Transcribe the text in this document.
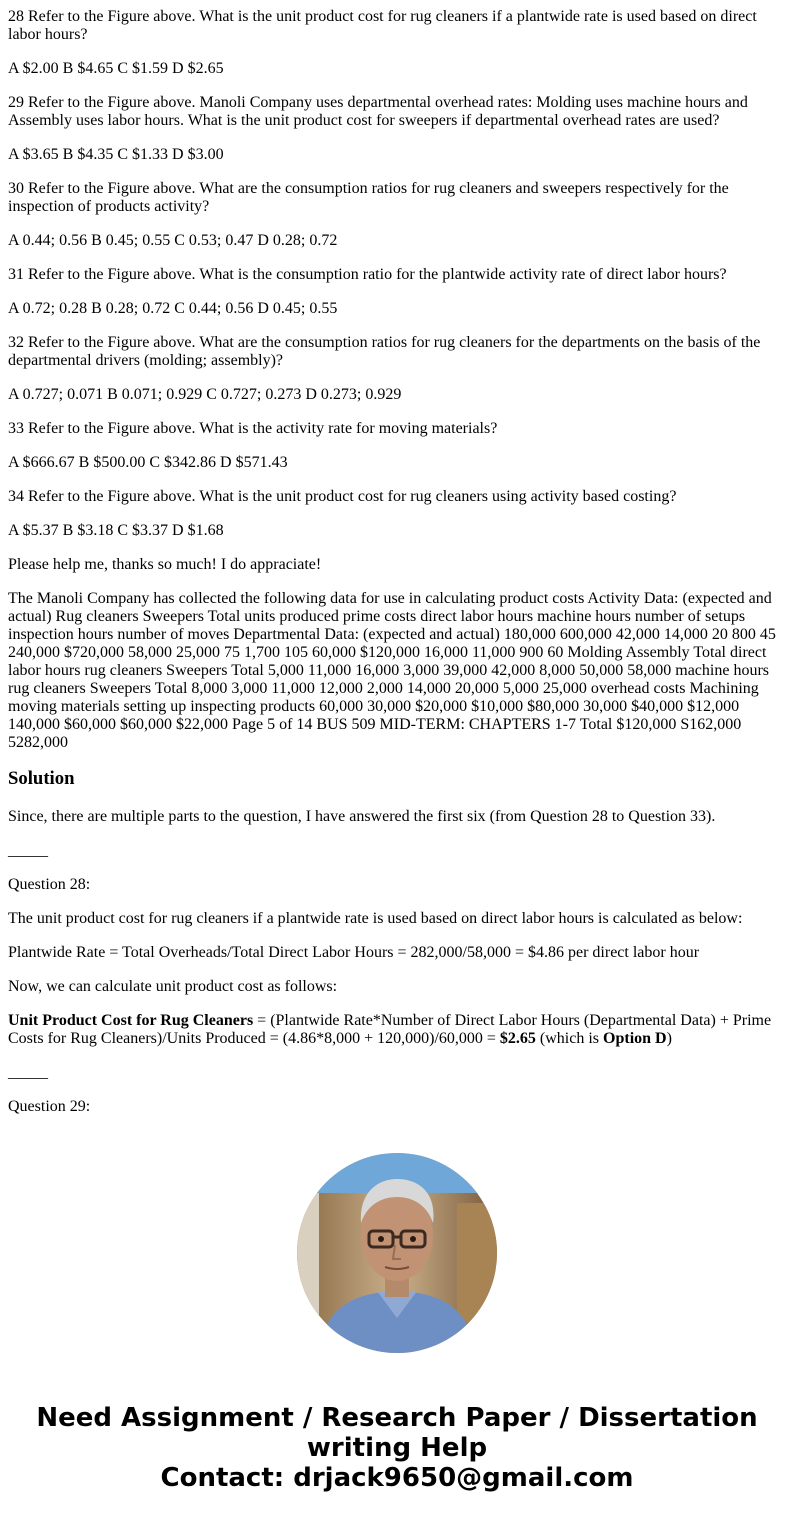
28 Refer to the Figure above. What is the unit product cost for rug cleaners if a plantwide rate is used based on direct labor hours?

A $2.00 B $4.65 C $1.59 D $2.65

29 Refer to the Figure above. Manoli Company uses departmental overhead rates: Molding uses machine hours and Assembly uses labor hours. What is the unit product cost for sweepers if departmental overhead rates are used?

A $3.65 B $4.35 C $1.33 D $3.00

30 Refer to the Figure above. What are the consumption ratios for rug cleaners and sweepers respectively for the inspection of products activity?

A 0.44; 0.56 B 0.45; 0.55 C 0.53; 0.47 D 0.28; 0.72

31 Refer to the Figure above. What is the consumption ratio for the plantwide activity rate of direct labor hours?

A 0.72; 0.28 B 0.28; 0.72 C 0.44; 0.56 D 0.45; 0.55

32 Refer to the Figure above. What are the consumption ratios for rug cleaners for the departments on the basis of the departmental drivers (molding; assembly)?

A 0.727; 0.071 B 0.071; 0.929 C 0.727; 0.273 D 0.273; 0.929

33 Refer to the Figure above. What is the activity rate for moving materials?

A $666.67 B $500.00 C $342.86 D $571.43

34 Refer to the Figure above. What is the unit product cost for rug cleaners using activity based costing?

A $5.37 B $3.18 C $3.37 D $1.68

Please help me, thanks so much! I do appraciate!

The Manoli Company has collected the following data for use in calculating product costs Activity Data: (expected and actual) Rug cleaners Sweepers Total units produced prime costs direct labor hours machine hours number of setups inspection hours number of moves Departmental Data: (expected and actual) 180,000 600,000 42,000 14,000 20 800 45 240,000 $720,000 58,000 25,000 75 1,700 105 60,000 $120,000 16,000 11,000 900 60 Molding Assembly Total direct labor hours rug cleaners Sweepers Total 5,000 11,000 16,000 3,000 39,000 42,000 8,000 50,000 58,000 machine hours rug cleaners Sweepers Total 8,000 3,000 11,000 12,000 2,000 14,000 20,000 5,000 25,000 overhead costs Machining moving materials setting up inspecting products 60,000 30,000 $20,000 $10,000 $80,000 30,000 $40,000 $12,000 140,000 $60,000 $60,000 $22,000 Page 5 of 14 BUS 509 MID-TERM: CHAPTERS 1-7 Total $120,000 S162,000 5282,000

Solution

Since, there are multiple parts to the question, I have answered the first six (from Question 28 to Question 33).

_____

Question 28:

The unit product cost for rug cleaners if a plantwide rate is used based on direct labor hours is calculated as below:

Plantwide Rate = Total Overheads/Total Direct Labor Hours = 282,000/58,000 = $4.86 per direct labor hour

Now, we can calculate unit product cost as follows:

Unit Product Cost for Rug Cleaners = (Plantwide Rate*Number of Direct Labor Hours (Departmental Data) + Prime Costs for Rug Cleaners)/Units Produced = (4.86*8,000 + 120,000)/60,000 = $2.65 (which is Option D)

_____

Question 29:

Need Assignment / Research Paper / Dissertation
writing Help
Contact: drjack9650@gmail.com
